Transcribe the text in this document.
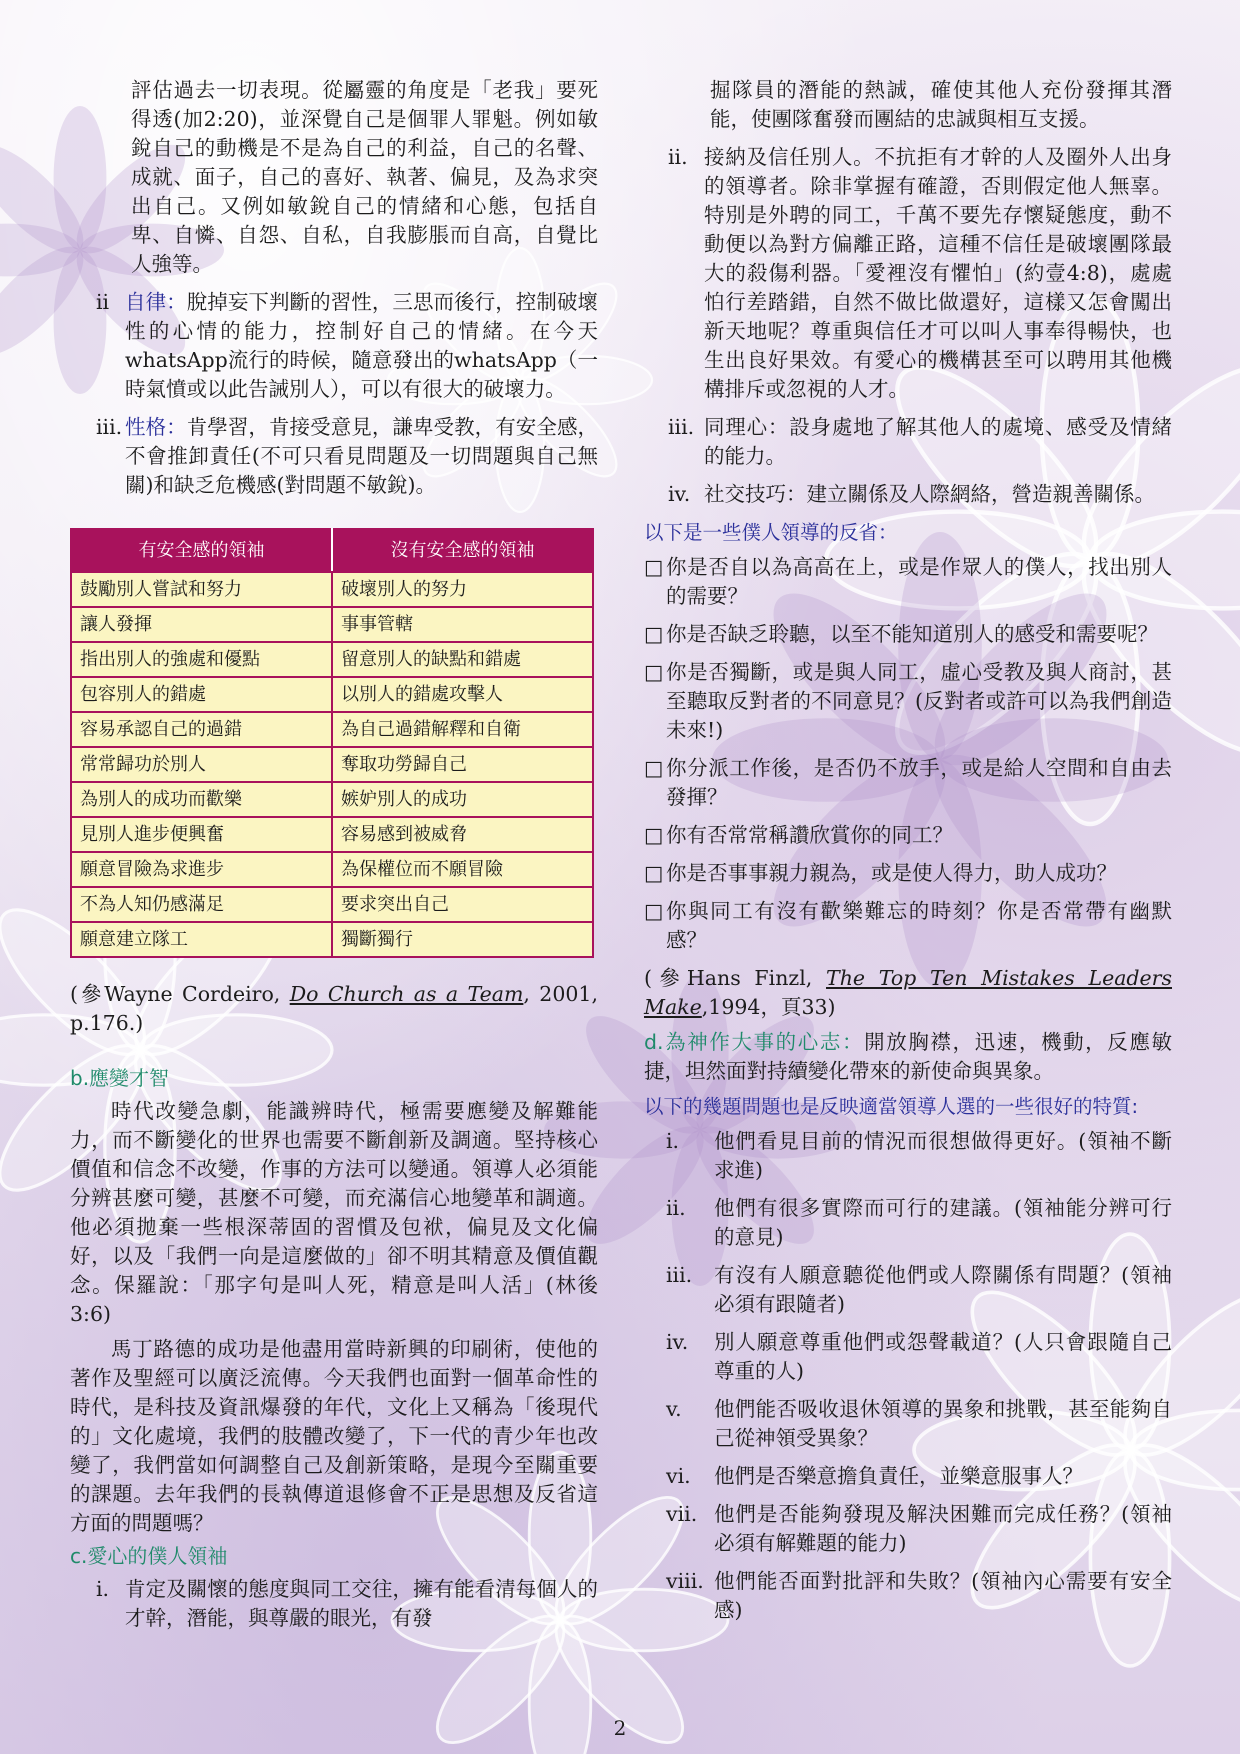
評估過去一切表現。從屬靈的角度是「老我」要死得透(加2:20)，並深覺自己是個罪人罪魁。例如敏銳自己的動機是不是為自己的利益，自己的名聲、成就、面子，自己的喜好、執著、偏見，及為求突出自己。又例如敏銳自己的情緒和心態，包括自卑、自憐、自怨、自私，自我膨脹而自高，自覺比人強等。

ii 自律：脫掉妄下判斷的習性，三思而後行，控制破壞性的心情的能力，控制好自己的情緒。在今天whatsApp流行的時候，隨意發出的whatsApp（一時氣憤或以此告誡別人），可以有很大的破壞力。

iii. 性格：肯學習，肯接受意見，謙卑受教，有安全感，不會推卸責任(不可只看見問題及一切問題與自己無關)和缺乏危機感(對問題不敏銳)。

有安全感的領袖	沒有安全感的領袖
鼓勵別人嘗試和努力	破壞別人的努力
讓人發揮	事事管轄
指出別人的強處和優點	留意別人的缺點和錯處
包容別人的錯處	以別人的錯處攻擊人
容易承認自己的過錯	為自己過錯解釋和自衛
常常歸功於別人	奪取功勞歸自己
為別人的成功而歡樂	嫉妒別人的成功
見別人進步便興奮	容易感到被威脅
願意冒險為求進步	為保權位而不願冒險
不為人知仍感滿足	要求突出自己
願意建立隊工	獨斷獨行

(參Wayne Cordeiro, Do Church as a Team, 2001, p.176.)

b.應變才智

時代改變急劇，能識辨時代，極需要應變及解難能力，而不斷變化的世界也需要不斷創新及調適。堅持核心價值和信念不改變，作事的方法可以變通。領導人必須能分辨甚麼可變，甚麼不可變，而充滿信心地變革和調適。他必須拋棄一些根深蒂固的習慣及包袱，偏見及文化偏好，以及「我們一向是這麼做的」卻不明其精意及價值觀念。保羅說：「那字句是叫人死，精意是叫人活」(林後3:6)

馬丁路德的成功是他盡用當時新興的印刷術，使他的著作及聖經可以廣泛流傳。今天我們也面對一個革命性的時代，是科技及資訊爆發的年代，文化上又稱為「後現代的」文化處境，我們的肢體改變了，下一代的青少年也改變了，我們當如何調整自己及創新策略，是現今至關重要的課題。去年我們的長執傳道退修會不正是思想及反省這方面的問題嗎？

c.愛心的僕人領袖

i. 肯定及關懷的態度與同工交往，擁有能看清每個人的才幹，潛能，與尊嚴的眼光，有發

掘隊員的潛能的熱誠，確使其他人充份發揮其潛能，使團隊奮發而團結的忠誠與相互支援。

ii. 接納及信任別人。不抗拒有才幹的人及圈外人出身的領導者。除非掌握有確證，否則假定他人無辜。特別是外聘的同工，千萬不要先存懷疑態度，動不動便以為對方偏離正路，這種不信任是破壞團隊最大的殺傷利器。「愛裡沒有懼怕」(約壹4:8)，處處怕行差踏錯，自然不做比做還好，這樣又怎會闖出新天地呢？尊重與信任才可以叫人事奉得暢快，也生出良好果效。有愛心的機構甚至可以聘用其他機構排斥或忽視的人才。

iii. 同理心：設身處地了解其他人的處境、感受及情緒的能力。

iv. 社交技巧：建立關係及人際網絡，營造親善關係。

以下是一些僕人領導的反省：

□ 你是否自以為高高在上，或是作眾人的僕人，找出別人的需要？

□ 你是否缺乏聆聽，以至不能知道別人的感受和需要呢？

□ 你是否獨斷，或是與人同工，虛心受教及與人商討，甚至聽取反對者的不同意見？(反對者或許可以為我們創造未來!)

□ 你分派工作後，是否仍不放手，或是給人空間和自由去發揮？

□ 你有否常常稱讚欣賞你的同工？

□ 你是否事事親力親為，或是使人得力，助人成功？

□ 你與同工有沒有歡樂難忘的時刻？你是否常帶有幽默感？

(參Hans Finzl, The Top Ten Mistakes Leaders Make,1994，頁33)

d.為神作大事的心志：開放胸襟，迅速，機動，反應敏捷，坦然面對持續變化帶來的新使命與異象。

以下的幾題問題也是反映適當領導人選的一些很好的特質:

i.	他們看見目前的情況而很想做得更好。(領袖不斷求進)

ii.	他們有很多實際而可行的建議。(領袖能分辨可行的意見)

iii.	有沒有人願意聽從他們或人際關係有問題？(領袖必須有跟隨者)

iv.	別人願意尊重他們或怨聲載道？(人只會跟隨自己尊重的人)

v.	他們能否吸收退休領導的異象和挑戰，甚至能夠自己從神領受異象？

vi.	他們是否樂意擔負責任，並樂意服事人？

vii. 他們是否能夠發現及解決困難而完成任務？(領袖必須有解難題的能力)

viii. 他們能否面對批評和失敗？(領袖內心需要有安全感)

2
